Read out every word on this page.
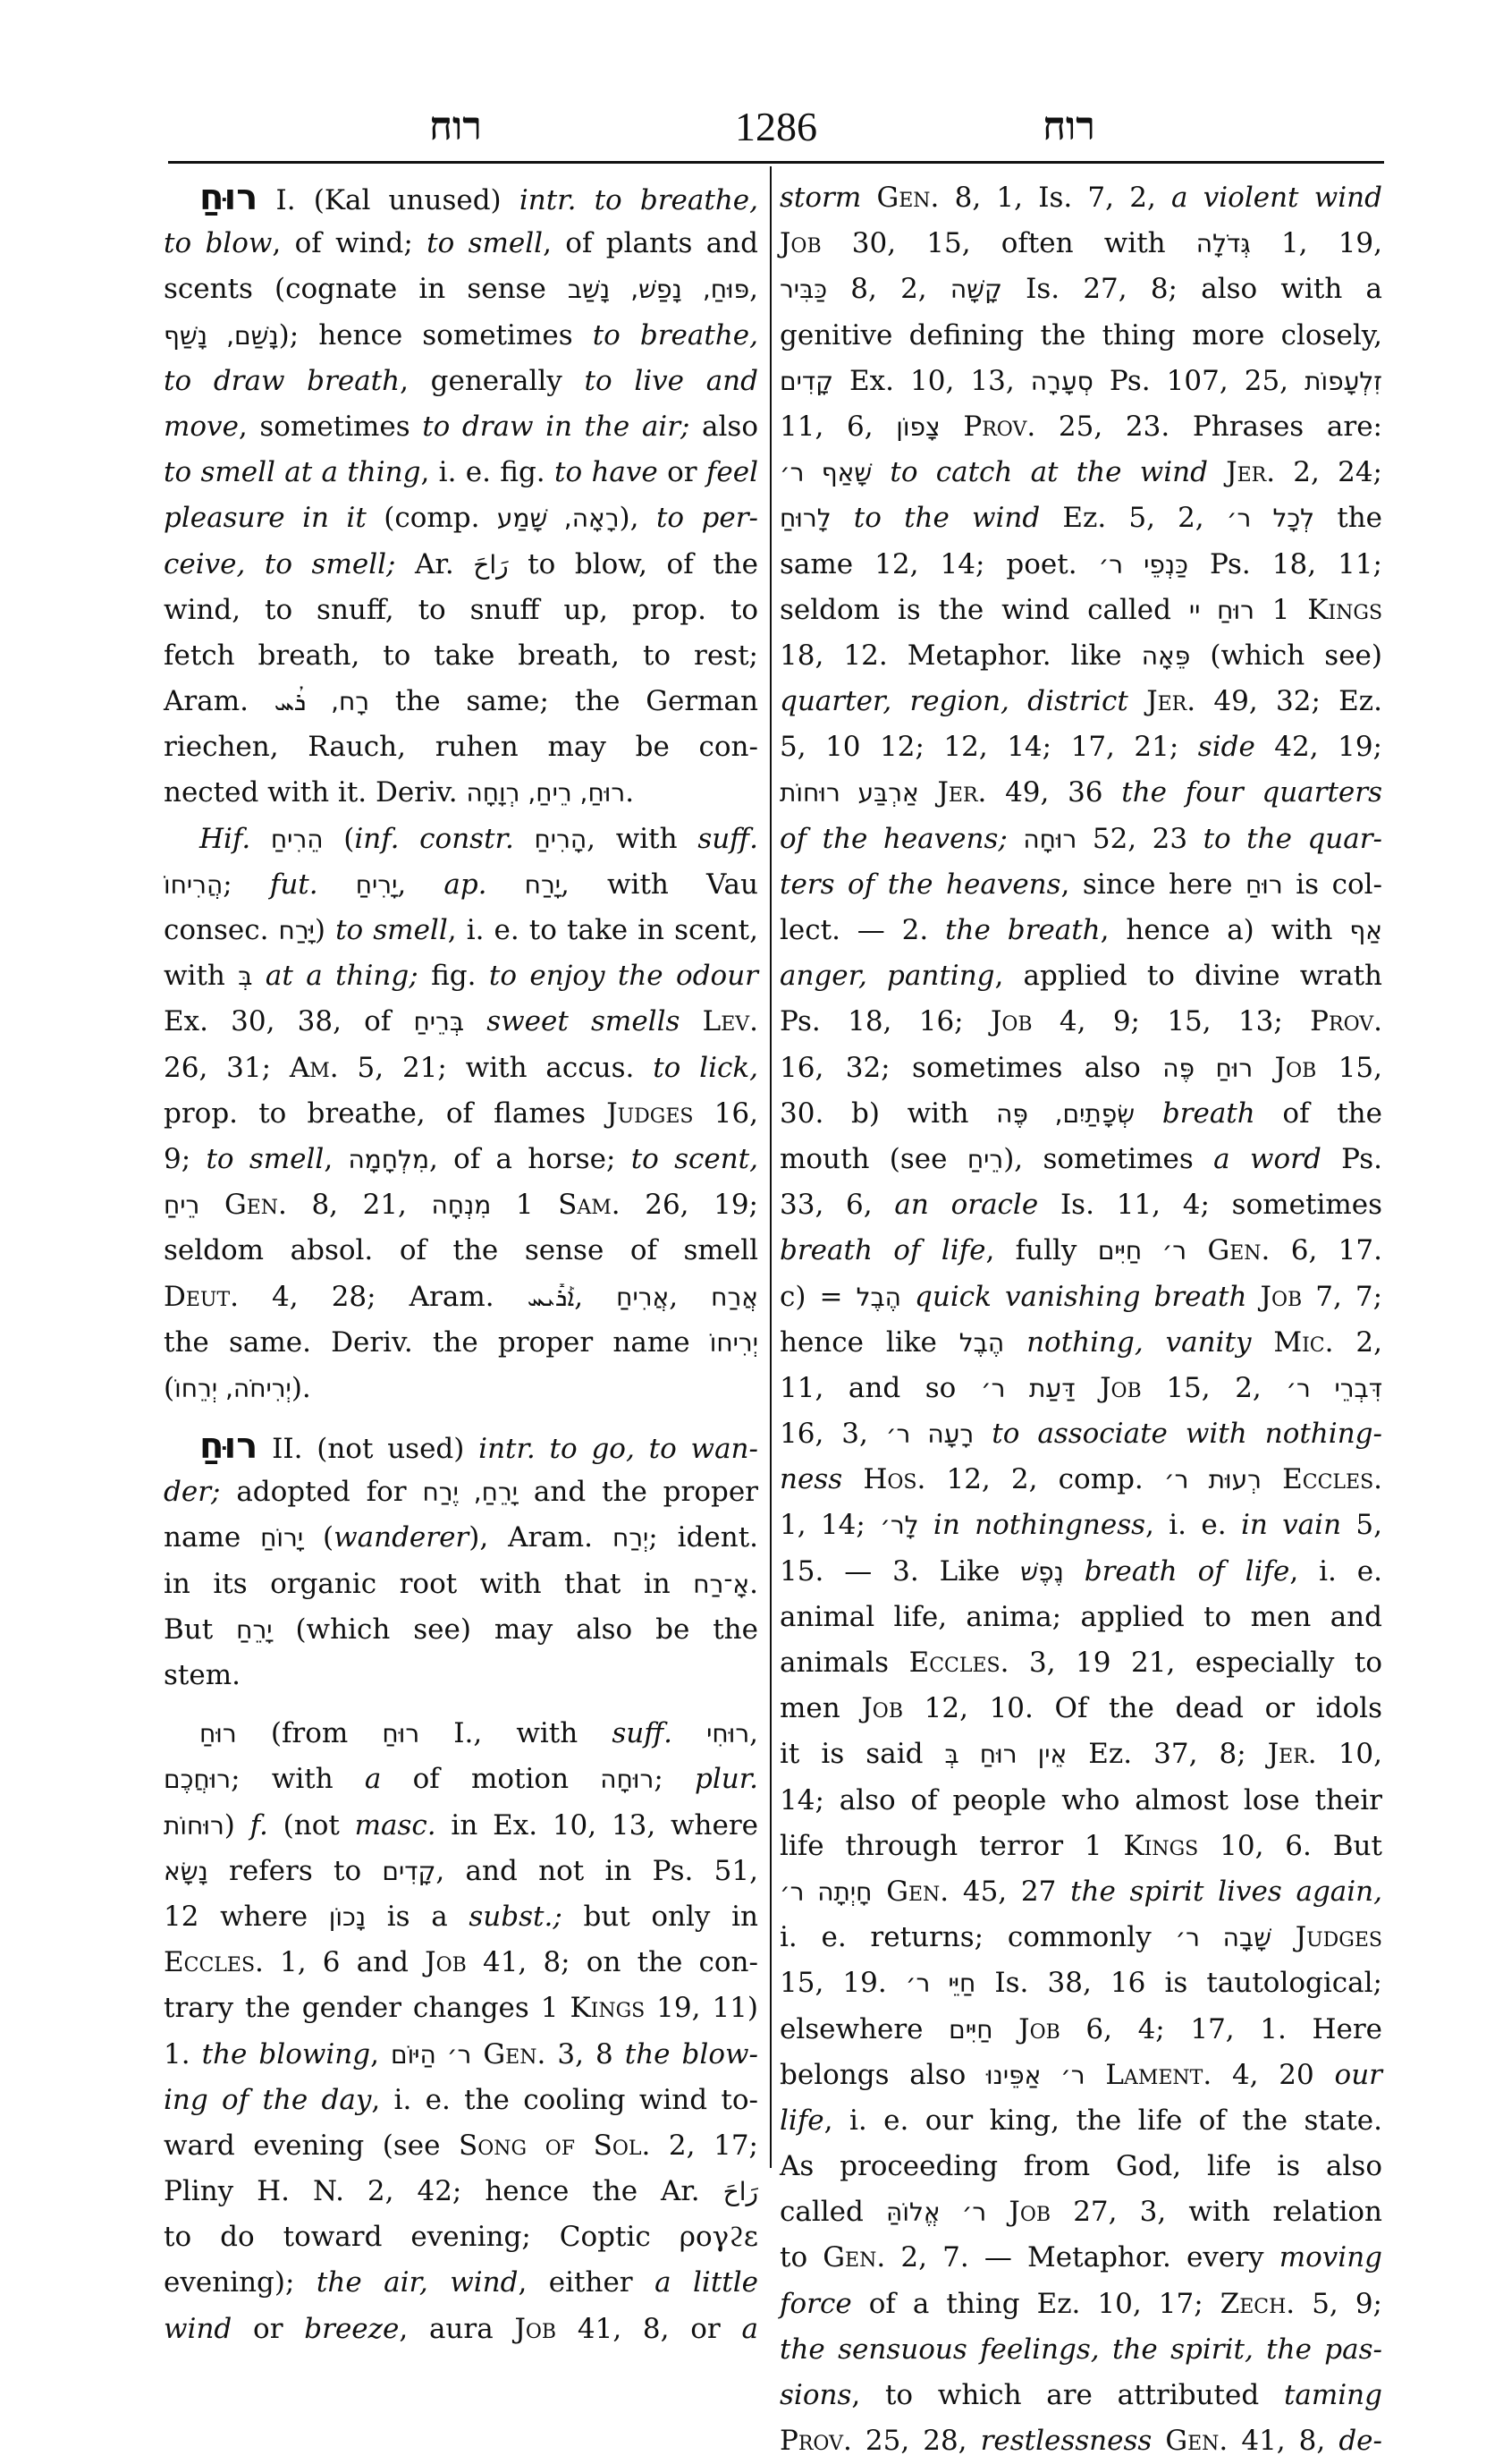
רוח	1286	רוח
רוּחַ I. (Kal unused) intr. to breathe,
to blow, of wind; to smell, of plants and
scents (cognate in sense פּוּחַ, נָפַשׁ, נָשַׁב,
נָשַׁם, נָשַׁף); hence sometimes to breathe,
to draw breath, generally to live and
move, sometimes to draw in the air; also
to smell at a thing, i. e. fig. to have or feel
pleasure in it (comp. רָאָה, שָׁמַע), to per-
ceive, to smell; Ar. رَاحَ to blow, of the
wind, to snuff, to snuff up, prop. to
fetch breath, to take breath, to rest;
Aram. רָח, ܪܳܚ the same; the German
riechen, Rauch, ruhen may be con-
nected with it. Deriv. רוּחַ, רֵיחַ, רְוָחָה.
Hif. הֵרִיחַ (inf. constr. הָרִיחַ, with suff.
הֲרִיחוֹ; fut. יָרִיחַ, ap. יָרַח, with Vau
consec. יָּרַח) to smell, i. e. to take in scent,
with בְּ at a thing; fig. to enjoy the odour
Ex. 30, 38, of בְּרֵיחַ sweet smells Lev.
26, 31; Am. 5, 21; with accus. to lick,
prop. to breathe, of flames Judges 16,
9; to smell, מִלְחָמָה, of a horse; to scent,
רֵיחַ Gen. 8, 21, מִנְחָה 1 Sam. 26, 19;
seldom absol. of the sense of smell
Deut. 4, 28; Aram. ܐܰܪܺܝܚ, אֲרִיחַ, אֲרַח
the same. Deriv. the proper name יְרִיחוֹ
(יְרִיחֹה, יְרֵחוֹ).
רוּחַ II. (not used) intr. to go, to wan-
der; adopted for יָרֵחַ, יֶרַח and the proper
name יָרוֹחַ (wanderer), Aram. יְרַח; ident.
in its organic root with that in אָ־רַח.
But יָרֵחַ (which see) may also be the
stem.
רוּחַ (from רוּחַ I., with suff. רוּחִי,
רוּחֲכֶם; with a of motion רוּחָה; plur.
רוּחוֹת) f. (not masc. in Ex. 10, 13, where
נָשָׂא refers to קָדִים, and not in Ps. 51,
12 where נָכוֹן is a subst.; but only in
Eccles. 1, 6 and Job 41, 8; on the con-
trary the gender changes 1 Kings 19, 11)
1. the blowing, ר׳ הַיּוֹם Gen. 3, 8 the blow-
ing of the day, i. e. the cooling wind to-
ward evening (see Song of Sol. 2, 17;
Pliny H. N. 2, 42; hence the Ar. رَاحَ
to do toward evening; Coptic ρογϩε
evening); the air, wind, either a little
wind or breeze, aura Job 41, 8, or a
storm Gen. 8, 1, Is. 7, 2, a violent wind
Job 30, 15, often with גְּדֹלָה 1, 19,
כַּבִּיר 8, 2, קָשָׁה Is. 27, 8; also with a
genitive defining the thing more closely,
קָדִים Ex. 10, 13, סְעָרָה Ps. 107, 25, זִלְעָפוֹת
11, 6, צָפוֹן Prov. 25, 23. Phrases are:
שָׁאַף ר׳ to catch at the wind Jer. 2, 24;
לָרוּחַ to the wind Ez. 5, 2, לְכָל ר׳ the
same 12, 14; poet. כַּנְפֵי ר׳ Ps. 18, 11;
seldom is the wind called רוּחַ יי 1 Kings
18, 12. Metaphor. like פֵּאָה (which see)
quarter, region, district Jer. 49, 32; Ez.
5, 10 12; 12, 14; 17, 21; side 42, 19;
אַרְבַּע רוּחוֹת Jer. 49, 36 the four quarters
of the heavens; רוּחָה 52, 23 to the quar-
ters of the heavens, since here רוּחַ is col-
lect. — 2. the breath, hence a) with אַף
anger, panting, applied to divine wrath
Ps. 18, 16; Job 4, 9; 15, 13; Prov.
16, 32; sometimes also רוּחַ פֶּה Job 15,
30. b) with שְׂפָתַיִם, פֶּה breath of the
mouth (see רֵיחַ), sometimes a word Ps.
33, 6, an oracle Is. 11, 4; sometimes
breath of life, fully ר׳ חַיִּים Gen. 6, 17.
c) = הֶבֶל quick vanishing breath Job 7, 7;
hence like הֶבֶל nothing, vanity Mic. 2,
11, and so דַּעַת ר׳ Job 15, 2, דִּבְרֵי ר׳
16, 3, רָעָה ר׳ to associate with nothing-
ness Hos. 12, 2, comp. רְעוּת ר׳ Eccles.
1, 14; לָר׳ in nothingness, i. e. in vain 5,
15. — 3. Like נֶפֶשׁ breath of life, i. e.
animal life, anima; applied to men and
animals Eccles. 3, 19 21, especially to
men Job 12, 10. Of the dead or idols
it is said אֵין רוּחַ בְּ Ez. 37, 8; Jer. 10,
14; also of people who almost lose their
life through terror 1 Kings 10, 6. But
חָיְתָה ר׳ Gen. 45, 27 the spirit lives again,
i. e. returns; commonly שָׁבָה ר׳ Judges
15, 19. חַיֵּי ר׳ Is. 38, 16 is tautological;
elsewhere חַיִּים Job 6, 4; 17, 1. Here
belongs also ר׳ אַפֵּינוּ Lament. 4, 20 our
life, i. e. our king, the life of the state.
As proceeding from God, life is also
called ר׳ אֱלוֹהַּ Job 27, 3, with relation
to Gen. 2, 7. — Metaphor. every moving
force of a thing Ez. 10, 17; Zech. 5, 9;
the sensuous feelings, the spirit, the pas-
sions, to which are attributed taming
Prov. 25, 28, restlessness Gen. 41, 8, de-
